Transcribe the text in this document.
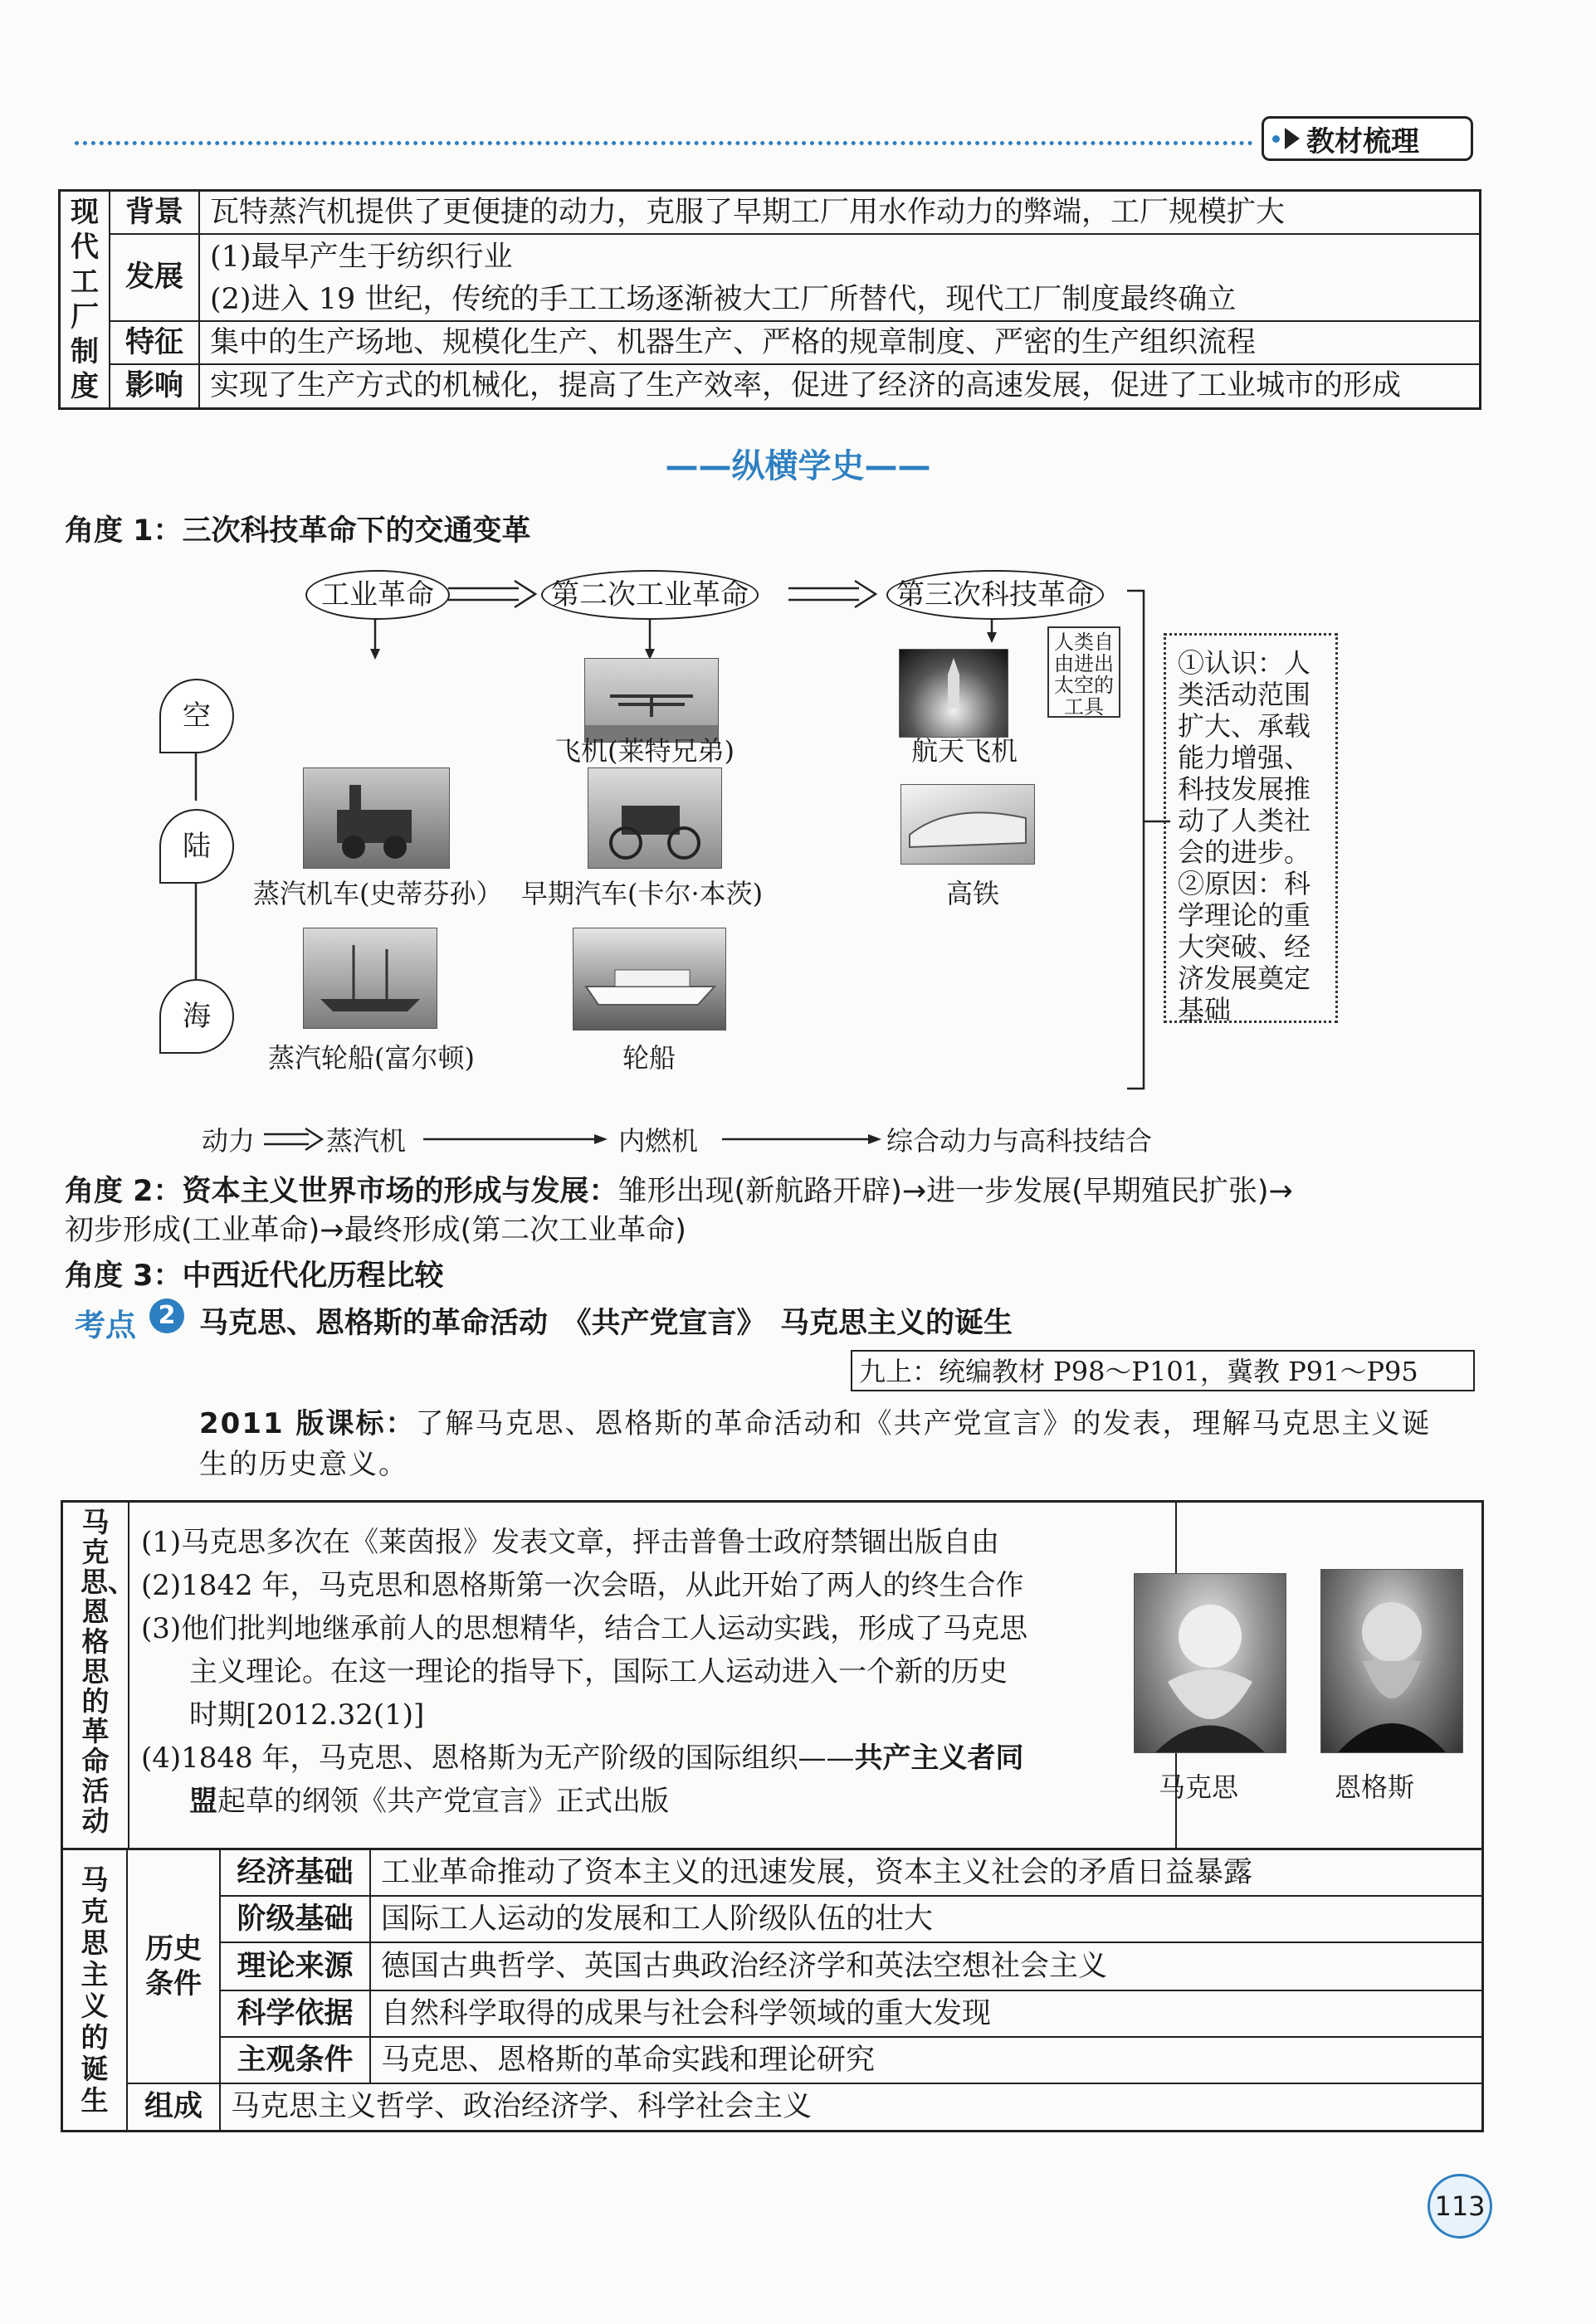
教材梳理
现代工厂制度	背景	瓦特蒸汽机提供了更便捷的动力，克服了早期工厂用水作动力的弊端，工厂规模扩大
	发展	(1)最早产生于纺织行业
		(2)进入 19 世纪，传统的手工工场逐渐被大工厂所替代，现代工厂制度最终确立
	特征	集中的生产场地、规模化生产、机器生产、严格的规章制度、严密的生产组织流程
	影响	实现了生产方式的机械化，提高了生产效率，促进了经济的高速发展，促进了工业城市的形成
——纵横学史——
角度 1：三次科技革命下的交通变革
工业革命	第二次工业革命	第三次科技革命
空
陆
海
飞机(莱特兄弟)	航天飞机
人类自由进出太空的工具
①认识：人
类活动范围
扩大、承载
能力增强、
科技发展推
动了人类社
会的进步。
②原因：科
学理论的重
大突破、经
济发展奠定
基础
蒸汽机车(史蒂芬孙） 早期汽车(卡尔·本茨)	高铁
蒸汽轮船(富尔顿)	轮船
动力	蒸汽机	内燃机	综合动力与高科技结合
角度 2：资本主义世界市场的形成与发展：雏形出现(新航路开辟)→进一步发展(早期殖民扩张)→
初步形成(工业革命)→最终形成(第二次工业革命)
角度 3：中西近代化历程比较
考点 2 马克思、恩格斯的革命活动　《共产党宣言》　马克思主义的诞生
九上：统编教材 P98～P101，冀教 P91～P95
2011 版课标：了解马克思、恩格斯的革命活动和《共产党宣言》的发表，理解马克思主义诞
生的历史意义。
马克思、恩格思的革命活动
(1)马克思多次在《莱茵报》发表文章，抨击普鲁士政府禁锢出版自由
(2)1842 年，马克思和恩格斯第一次会晤，从此开始了两人的终生合作
(3)他们批判地继承前人的思想精华，结合工人运动实践，形成了马克思
主义理论。在这一理论的指导下，国际工人运动进入一个新的历史
时期[2012.32(1)]
(4)1848 年，马克思、恩格斯为无产阶级的国际组织——共产主义者同
盟起草的纲领《共产党宣言》正式出版	马克思	恩格斯
马克思主义的诞生	历史条件	经济基础	工业革命推动了资本主义的迅速发展，资本主义社会的矛盾日益暴露
		阶级基础	国际工人运动的发展和工人阶级队伍的壮大
		理论来源	德国古典哲学、英国古典政治经济学和英法空想社会主义
		科学依据	自然科学取得的成果与社会科学领域的重大发现
		主观条件	马克思、恩格斯的革命实践和理论研究
	组成	马克思主义哲学、政治经济学、科学社会主义	
113
